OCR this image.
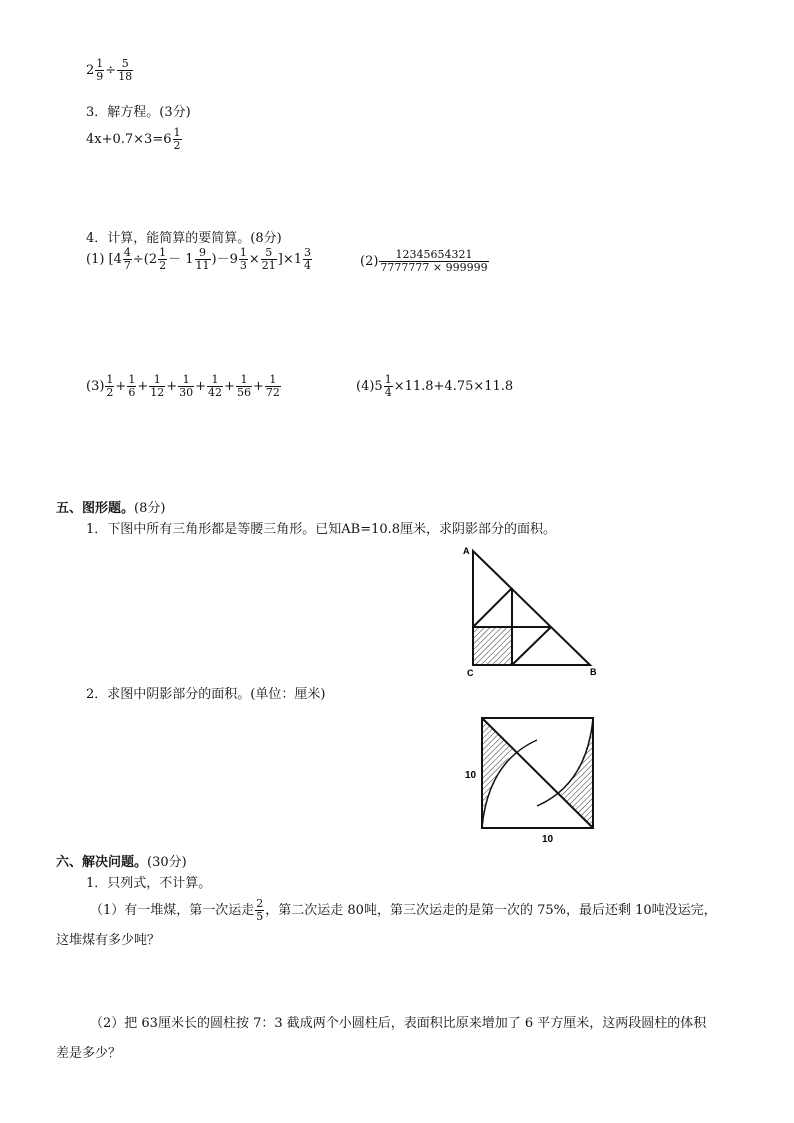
$2 \frac{1}{9} \div \frac{5}{18}$
3．解方程。(3分)
$4x+0.7\times 3=6 \frac{1}{2}$
4．计算，能简算的要简算。(8分)
(1) $[4 \frac{4}{7} \div(2 \frac{1}{2} - 1 \frac{9}{11} )-9 \frac{1}{3} \times \frac{5}{21} ]\times 1 \frac{3}{4}$	$(2) \frac{12345654321}{7777777 \times 999999}$
$(3) \frac{1}{2} + \frac{1}{6} + \frac{1}{12} + \frac{1}{30} + \frac{1}{42} + \frac{1}{56} + \frac{1}{72}$	$(4)5 \frac{1}{4} \times 11.8+4.75\times 11.8$
五、图形题。(8分)
1．下图中所有三角形都是等腰三角形。已知AB=10.8厘米，求阴影部分的面积。
A
C	B
2．求图中阴影部分的面积。(单位：厘米)
10
10
六、解决问题。(30分)
1．只列式，不计算。
（1）有一堆煤，第一次运走 $\frac{2}{5}$ ，第二次运走 80吨，第三次运走的是第一次的 75%，最后还剩 10吨没运完，
这堆煤有多少吨？
（2）把 63厘米长的圆柱按 7：3 截成两个小圆柱后，表面积比原来增加了 6 平方厘米，这两段圆柱的体积
差是多少？
